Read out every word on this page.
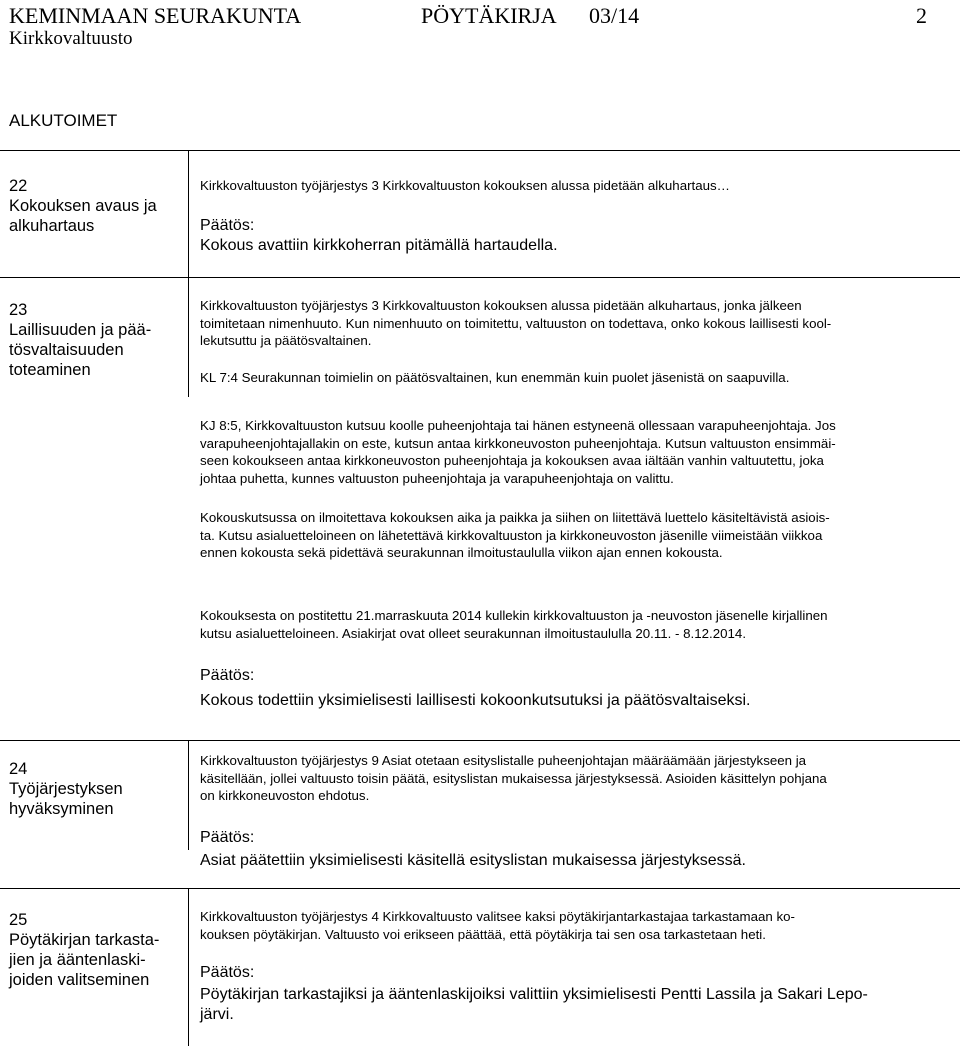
KEMINMAAN SEURAKUNTA	PÖYTÄKIRJA 03/14	2
Kirkkovaltuusto
ALKUTOIMET
22
Kokouksen avaus ja
alkuhartaus

Kirkkovaltuuston työjärjestys 3 Kirkkovaltuuston kokouksen alussa pidetään alkuhartaus…

Päätös:
Kokous avattiin kirkkoherran pitämällä hartaudella.
23
Laillisuuden ja pää-
tösvaltaisuuden
toteaminen
Kirkkovaltuuston työjärjestys 3 Kirkkovaltuuston kokouksen alussa pidetään alkuhartaus, jonka jälkeen
toimitetaan nimenhuuto. Kun nimenhuuto on toimitettu, valtuuston on todettava, onko kokous laillisesti kool-
lekutsuttu ja päätösvaltainen.
KL 7:4 Seurakunnan toimielin on päätösvaltainen, kun enemmän kuin puolet jäsenistä on saapuvilla.
KJ 8:5, Kirkkovaltuuston kutsuu koolle puheenjohtaja tai hänen estyneenä ollessaan varapuheenjohtaja. Jos
varapuheenjohtajallakin on este, kutsun antaa kirkkoneuvoston puheenjohtaja. Kutsun valtuuston ensimmäi-
seen kokoukseen antaa kirkkoneuvoston puheenjohtaja ja kokouksen avaa iältään vanhin valtuutettu, joka
johtaa puhetta, kunnes valtuuston puheenjohtaja ja varapuheenjohtaja on valittu.
Kokouskutsussa on ilmoitettava kokouksen aika ja paikka ja siihen on liitettävä luettelo käsiteltävistä asiois-
ta. Kutsu asialuetteloineen on lähetettävä kirkkovaltuuston ja kirkkoneuvoston jäsenille viimeistään viikkoa
ennen kokousta sekä pidettävä seurakunnan ilmoitustaululla viikon ajan ennen kokousta.
Kokouksesta on postitettu 21.marraskuuta 2014 kullekin kirkkovaltuuston ja -neuvoston jäsenelle kirjallinen
kutsu asialuetteloineen. Asiakirjat ovat olleet seurakunnan ilmoitustaululla 20.11. - 8.12.2014.
Päätös:
Kokous todettiin yksimielisesti laillisesti kokoonkutsutuksi ja päätösvaltaiseksi.
24
Työjärjestyksen
hyväksyminen
Kirkkovaltuuston työjärjestys 9 Asiat otetaan esityslistalle puheenjohtajan määräämään järjestykseen ja
käsitellään, jollei valtuusto toisin päätä, esityslistan mukaisessa järjestyksessä. Asioiden käsittelyn pohjana
on kirkkoneuvoston ehdotus.
Päätös:
Asiat päätettiin yksimielisesti käsitellä esityslistan mukaisessa järjestyksessä.
25
Pöytäkirjan tarkasta-
jien ja ääntenlaski-
joiden valitseminen
Kirkkovaltuuston työjärjestys 4 Kirkkovaltuusto valitsee kaksi pöytäkirjantarkastajaa tarkastamaan ko-
kouksen pöytäkirjan. Valtuusto voi erikseen päättää, että pöytäkirja tai sen osa tarkastetaan heti.
Päätös:
Pöytäkirjan tarkastajiksi ja ääntenlaskijoiksi valittiin yksimielisesti Pentti Lassila ja Sakari Lepo-
järvi.
